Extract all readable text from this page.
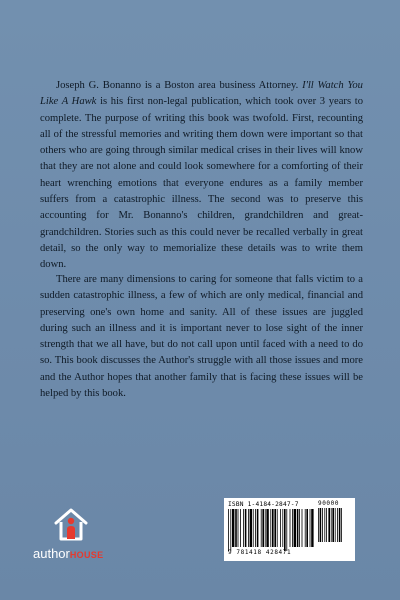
Joseph G. Bonanno is a Boston area business Attorney. I'll Watch You Like A Hawk is his first non-legal publication, which took over 3 years to complete. The purpose of writing this book was twofold. First, recounting all of the stressful memories and writing them down were important so that others who are going through similar medical crises in their lives will know that they are not alone and could look somewhere for a comforting of their heart wrenching emotions that everyone endures as a family member suffers from a catastrophic illness. The second was to preserve this accounting for Mr. Bonanno's children, grandchildren and great-grandchildren. Stories such as this could never be recalled verbally in great detail, so the only way to memorialize these details was to write them down.

There are many dimensions to caring for someone that falls victim to a sudden catastrophic illness, a few of which are only medical, financial and preserving one's own home and sanity. All of these issues are juggled during such an illness and it is important never to lose sight of the inner strength that we all have, but do not call upon until faced with a need to do so. This book discusses the Author's struggle with all those issues and more and the Author hopes that another family that is facing these issues will be helped by this book.

authorHOUSE
ISBN 1-4184-2847-7	90000
9 781418 428471
